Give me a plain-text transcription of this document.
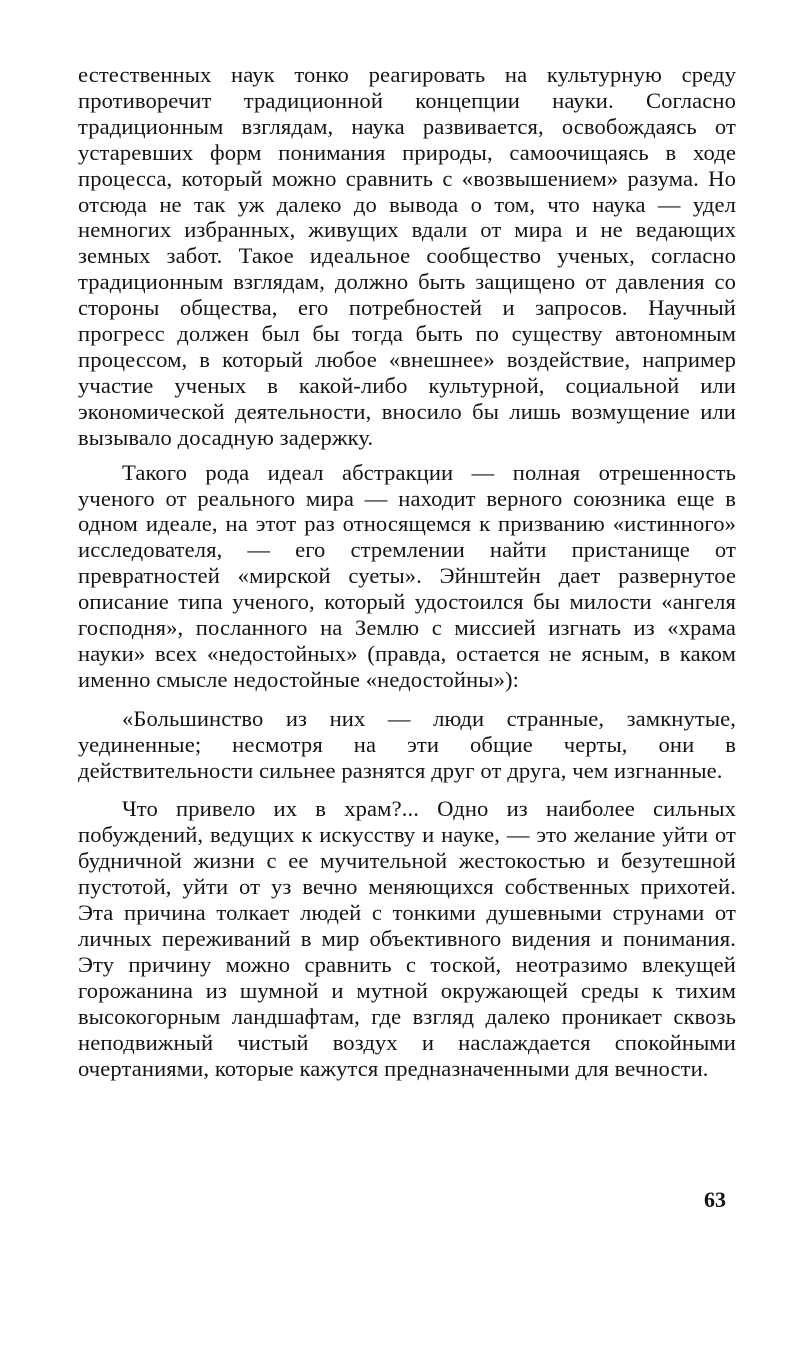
естественных наук тонко реагировать на культурную среду противоречит традиционной концепции науки. Согласно традиционным взглядам, наука развивается, освобождаясь от устаревших форм понимания природы, самоочищаясь в ходе процесса, который можно сравнить с «возвышением» разума. Но отсюда не так уж далеко до вывода о том, что наука — удел немногих избранных, живущих вдали от мира и не ведающих земных забот. Такое идеальное сообщество ученых, согласно традиционным взглядам, должно быть защищено от давления со стороны общества, его потребностей и запросов. Научный прогресс должен был бы тогда быть по существу автономным процессом, в который любое «внешнее» воздействие, например участие ученых в какой-либо культурной, социальной или экономической деятельности, вносило бы лишь возмущение или вызывало досадную задержку.

Такого рода идеал абстракции — полная отрешенность ученого от реального мира — находит верного союзника еще в одном идеале, на этот раз относящемся к призванию «истинного» исследователя, — его стремлении найти пристанище от превратностей «мирской суеты». Эйнштейн дает развернутое описание типа ученого, который удостоился бы милости «ангеля господня», посланного на Землю с миссией изгнать из «храма науки» всех «недостойных» (правда, остается не ясным, в каком именно смысле недостойные «недостойны»):

«Большинство из них — люди странные, замкнутые, уединенные; несмотря на эти общие черты, они в действительности сильнее разнятся друг от друга, чем изгнанные.

Что привело их в храм?... Одно из наиболее сильных побуждений, ведущих к искусству и науке, — это желание уйти от будничной жизни с ее мучительной жестокостью и безутешной пустотой, уйти от уз вечно меняющихся собственных прихотей. Эта причина толкает людей с тонкими душевными струнами от личных переживаний в мир объективного видения и понимания. Эту причину можно сравнить с тоской, неотразимо влекущей горожанина из шумной и мутной окружающей среды к тихим высокогорным ландшафтам, где взгляд далеко проникает сквозь неподвижный чистый воздух и наслаждается спокойными очертаниями, которые кажутся предназначенными для вечности.

63
